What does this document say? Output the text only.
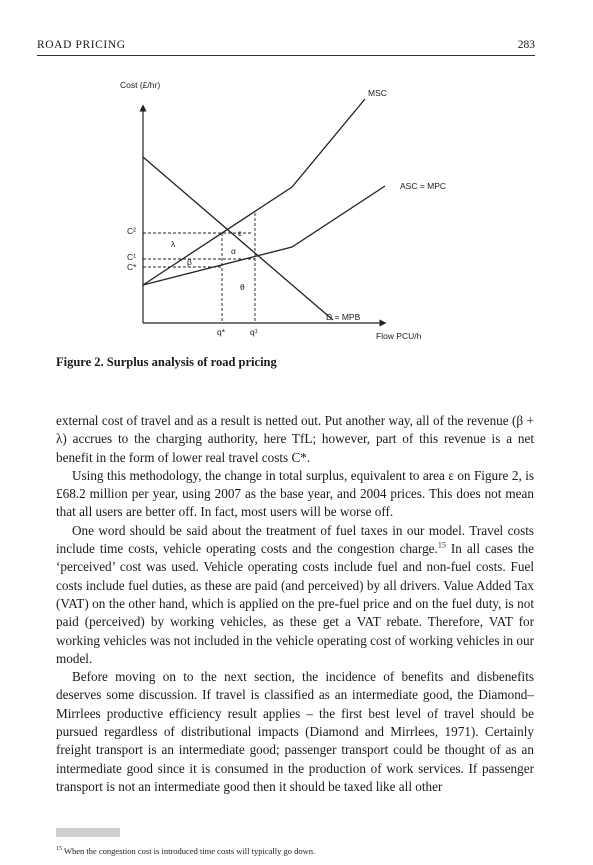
ROAD PRICING	283
Cost (£/hr)
Flow PCU/h
MSC
ASC = MPC
D = MPB
C²
C¹
C*
q*	q¹
λ
β
ε
α
θ
Figure 2. Surplus analysis of road pricing

external cost of travel and as a result is netted out. Put another way, all of the revenue (β + λ) accrues to the charging authority, here TfL; however, part of this revenue is a net benefit in the form of lower real travel costs C*.

Using this methodology, the change in total surplus, equivalent to area ε on Figure 2, is £68.2 million per year, using 2007 as the base year, and 2004 prices. This does not mean that all users are better off. In fact, most users will be worse off.

One word should be said about the treatment of fuel taxes in our model. Travel costs include time costs, vehicle operating costs and the congestion charge.$^{15}$ In all cases the ‘perceived’ cost was used. Vehicle operating costs include fuel and non-fuel costs. Fuel costs include fuel duties, as these are paid (and perceived) by all drivers. Value Added Tax (VAT) on the other hand, which is applied on the pre-fuel price and on the fuel duty, is not paid (perceived) by working vehicles, as these get a VAT rebate. Therefore, VAT for working vehicles was not included in the vehicle operating cost of working vehicles in our model.

Before moving on to the next section, the incidence of benefits and disbenefits deserves some discussion. If travel is classified as an intermediate good, the Diamond–Mirrlees productive efficiency result applies – the first best level of travel should be pursued regardless of distributional impacts (Diamond and Mirrlees, 1971). Certainly freight transport is an intermediate good; passenger transport could be thought of as an intermediate good since it is consumed in the production of work services. If passenger transport is not an intermediate good then it should be taxed like all other

$^{15}$ When the congestion cost is introduced time costs will typically go down.
